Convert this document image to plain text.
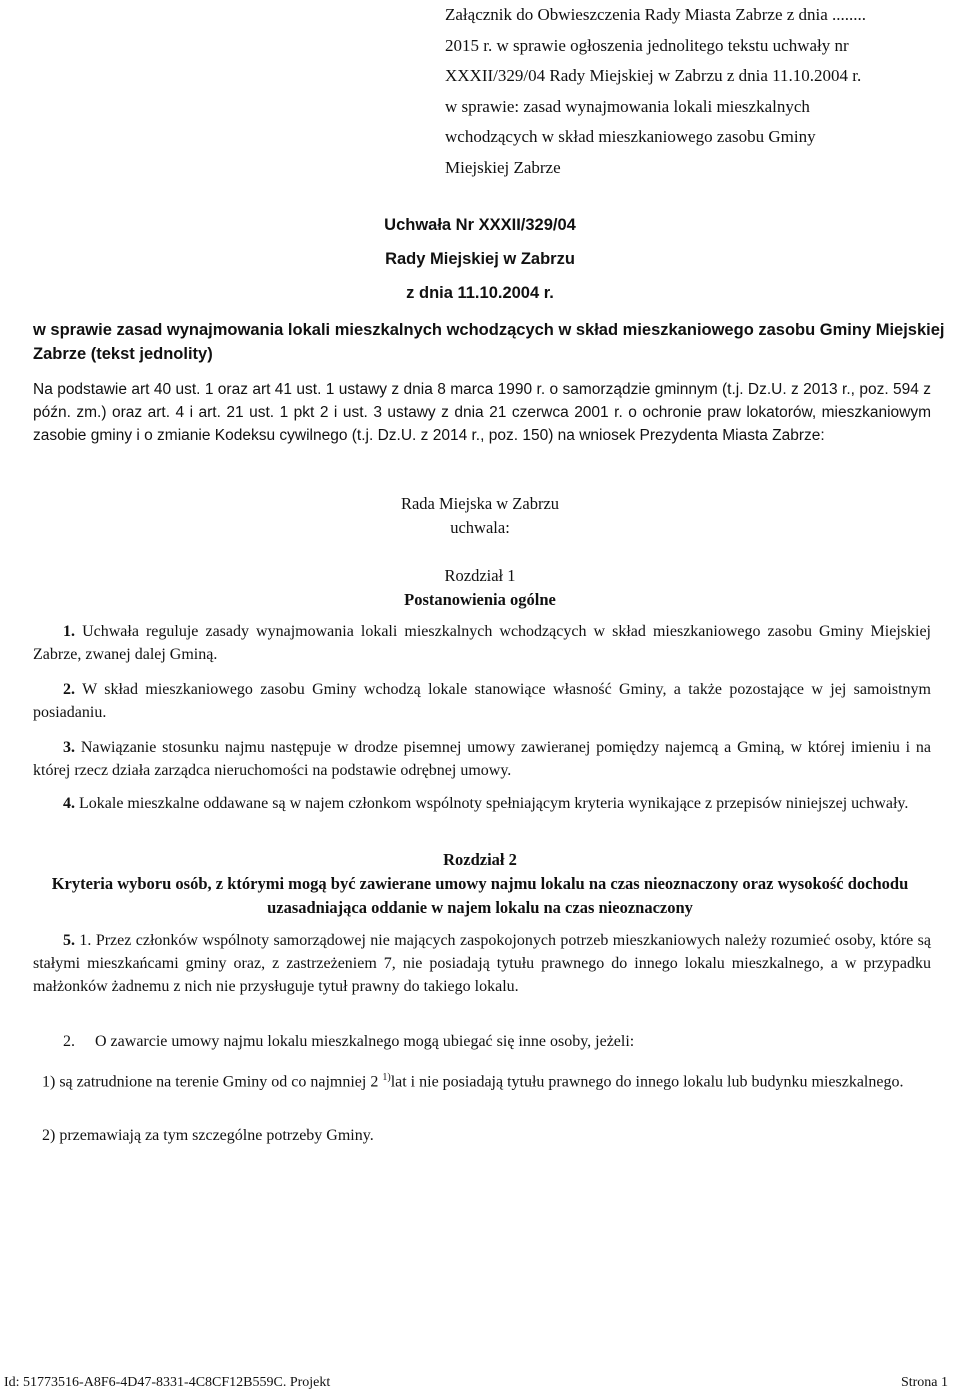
Załącznik do Obwieszczenia Rady Miasta Zabrze z dnia ........
2015 r. w sprawie ogłoszenia jednolitego tekstu uchwały nr
XXXII/329/04 Rady Miejskiej w Zabrzu z dnia 11.10.2004 r.
w sprawie: zasad wynajmowania lokali mieszkalnych
wchodzących w skład mieszkaniowego zasobu Gminy
Miejskiej Zabrze
Uchwała Nr XXXII/329/04
Rady Miejskiej w Zabrzu
z dnia 11.10.2004 r.
w sprawie zasad wynajmowania lokali mieszkalnych wchodzących w skład mieszkaniowego zasobu Gminy Miejskiej Zabrze (tekst jednolity)
Na podstawie art 40 ust. 1 oraz art 41 ust. 1 ustawy z dnia 8 marca 1990 r. o samorządzie gminnym (t.j. Dz.U. z 2013 r., poz. 594 z późn. zm.) oraz art. 4 i art. 21 ust. 1 pkt 2 i ust. 3 ustawy z dnia 21 czerwca 2001 r. o ochronie praw lokatorów, mieszkaniowym zasobie gminy i o zmianie Kodeksu cywilnego (t.j. Dz.U. z 2014 r., poz. 150) na wniosek Prezydenta Miasta Zabrze:
Rada Miejska w Zabrzu
uchwala:
Rozdział 1
Postanowienia ogólne
1. Uchwała reguluje zasady wynajmowania lokali mieszkalnych wchodzących w skład mieszkaniowego zasobu Gminy Miejskiej Zabrze, zwanej dalej Gminą.
2. W skład mieszkaniowego zasobu Gminy wchodzą lokale stanowiące własność Gminy, a także pozostające w jej samoistnym posiadaniu.
3. Nawiązanie stosunku najmu następuje w drodze pisemnej umowy zawieranej pomiędzy najemcą a Gminą, w której imieniu i na której rzecz działa zarządca nieruchomości na podstawie odrębnej umowy.
4. Lokale mieszkalne oddawane są w najem członkom wspólnoty spełniającym kryteria wynikające z przepisów niniejszej uchwały.
Rozdział 2
Kryteria wyboru osób, z którymi mogą być zawierane umowy najmu lokalu na czas nieoznaczony oraz wysokość dochodu uzasadniająca oddanie w najem lokalu na czas nieoznaczony
5. 1. Przez członków wspólnoty samorządowej nie mających zaspokojonych potrzeb mieszkaniowych należy rozumieć osoby, które są stałymi mieszkańcami gminy oraz, z zastrzeżeniem 7, nie posiadają tytułu prawnego do innego lokalu mieszkalnego, a w przypadku małżonków żadnemu z nich nie przysługuje tytuł prawny do takiego lokalu.
2. O zawarcie umowy najmu lokalu mieszkalnego mogą ubiegać się inne osoby, jeżeli:
1) są zatrudnione na terenie Gminy od co najmniej 2 $^{1)}$lat i nie posiadają tytułu prawnego do innego lokalu lub budynku mieszkalnego.
2) przemawiają za tym szczególne potrzeby Gminy.
Id: 51773516-A8F6-4D47-8331-4C8CF12B559C. Projekt	Strona 1
